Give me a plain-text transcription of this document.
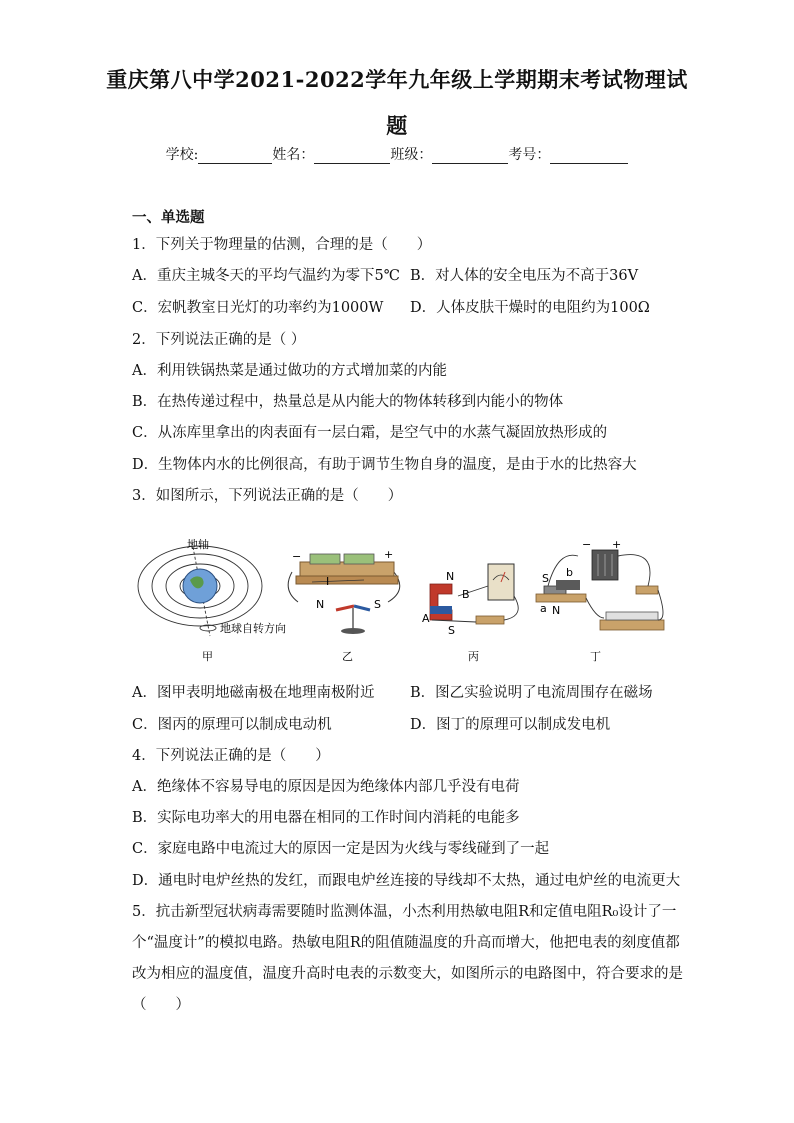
重庆第八中学2021-2022学年九年级上学期期末考试物理试
题
学校:	姓名：	班级：	考号：
一、单选题
1．下列关于物理量的估测，合理的是（　　）
A．重庆主城冬天的平均气温约为零下5℃ B．对人体的安全电压为不高于36V
C．宏帆教室日光灯的功率约为1000W D．人体皮肤干燥时的电阻约为100Ω
2．下列说法正确的是（ ）
A．利用铁锅热菜是通过做功的方式增加菜的内能
B．在热传递过程中，热量总是从内能大的物体转移到内能小的物体
C．从冻库里拿出的肉表面有一层白霜，是空气中的水蒸气凝固放热形成的
D．生物体内水的比例很高，有助于调节生物自身的温度，是由于水的比热容大
3．如图所示，下列说法正确的是（　　）
地轴
地球自转方向
甲
−	+
I
N	S
乙
N
S
A
B
丙
− +
S b
a N
丁
A．图甲表明地磁南极在地理南极附近 B．图乙实验说明了电流周围存在磁场
C．图丙的原理可以制成电动机	D．图丁的原理可以制成发电机
4．下列说法正确的是（　　）
A．绝缘体不容易导电的原因是因为绝缘体内部几乎没有电荷
B．实际电功率大的用电器在相同的工作时间内消耗的电能多
C．家庭电路中电流过大的原因一定是因为火线与零线碰到了一起
D．通电时电炉丝热的发红，而跟电炉丝连接的导线却不太热，通过电炉丝的电流更大
5．抗击新型冠状病毒需要随时监测体温，小杰利用热敏电阻R和定值电阻R₀设计了一
个“温度计”的模拟电路。热敏电阻R的阻值随温度的升高而增大，他把电表的刻度值都
改为相应的温度值，温度升高时电表的示数变大，如图所示的电路图中，符合要求的是
（　　）
